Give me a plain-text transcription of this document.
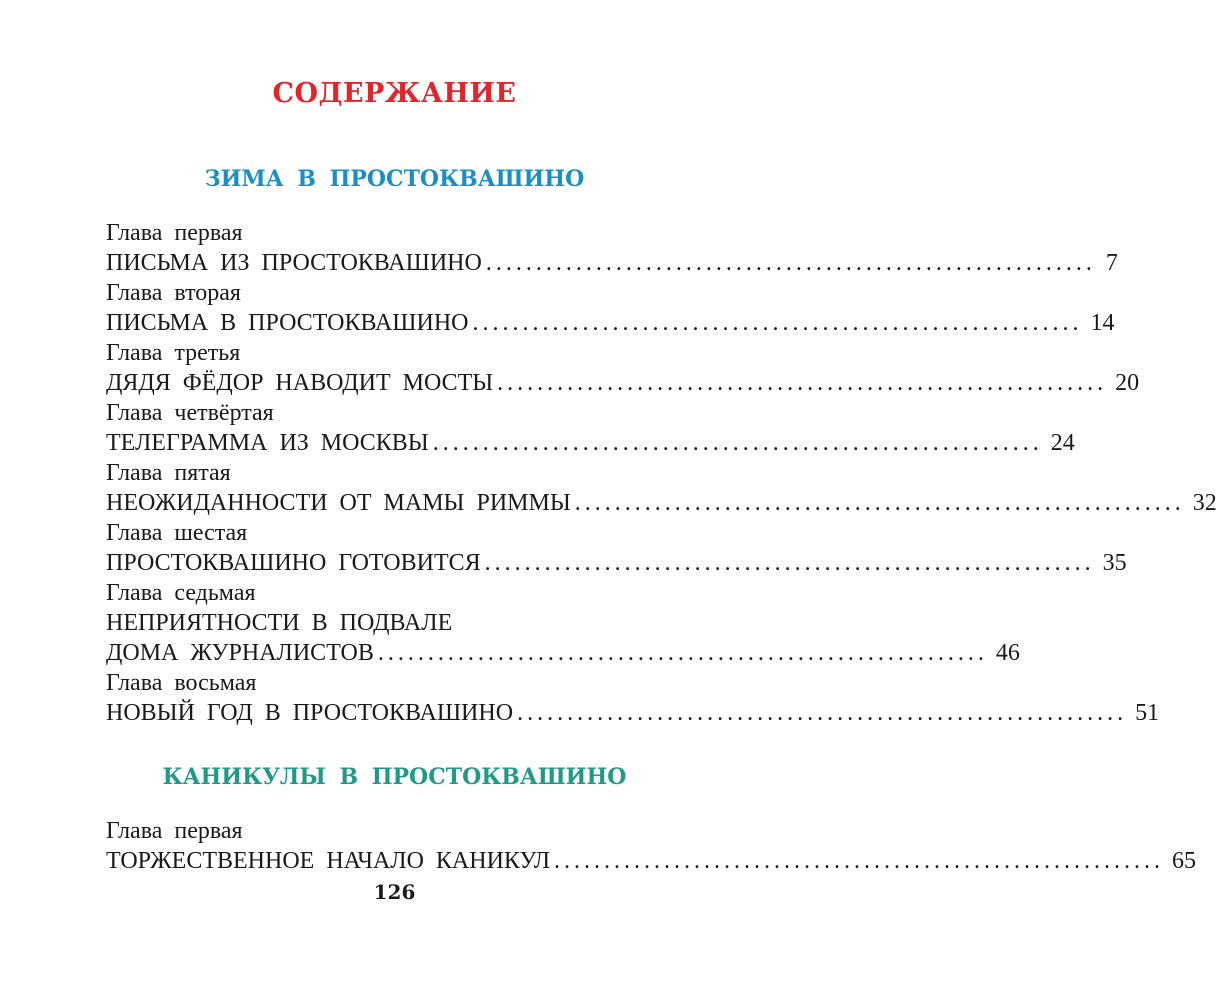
СОДЕРЖАНИЕ
ЗИМА В ПРОСТОКВАШИНО
Глава первая
ПИСЬМА ИЗ ПРОСТОКВАШИНО ............................................................. 7
Глава вторая
ПИСЬМА В ПРОСТОКВАШИНО ............................................................. 14
Глава третья
ДЯДЯ ФЁДОР НАВОДИТ МОСТЫ ............................................................. 20
Глава четвёртая
ТЕЛЕГРАММА ИЗ МОСКВЫ ............................................................. 24
Глава пятая
НЕОЖИДАННОСТИ ОТ МАМЫ РИММЫ ............................................................. 32
Глава шестая
ПРОСТОКВАШИНО ГОТОВИТСЯ ............................................................. 35
Глава седьмая
НЕПРИЯТНОСТИ В ПОДВАЛЕ
ДОМА ЖУРНАЛИСТОВ ............................................................. 46
Глава восьмая
НОВЫЙ ГОД В ПРОСТОКВАШИНО ............................................................. 51
КАНИКУЛЫ В ПРОСТОКВАШИНО
Глава первая
ТОРЖЕСТВЕННОЕ НАЧАЛО КАНИКУЛ ............................................................. 65
126
